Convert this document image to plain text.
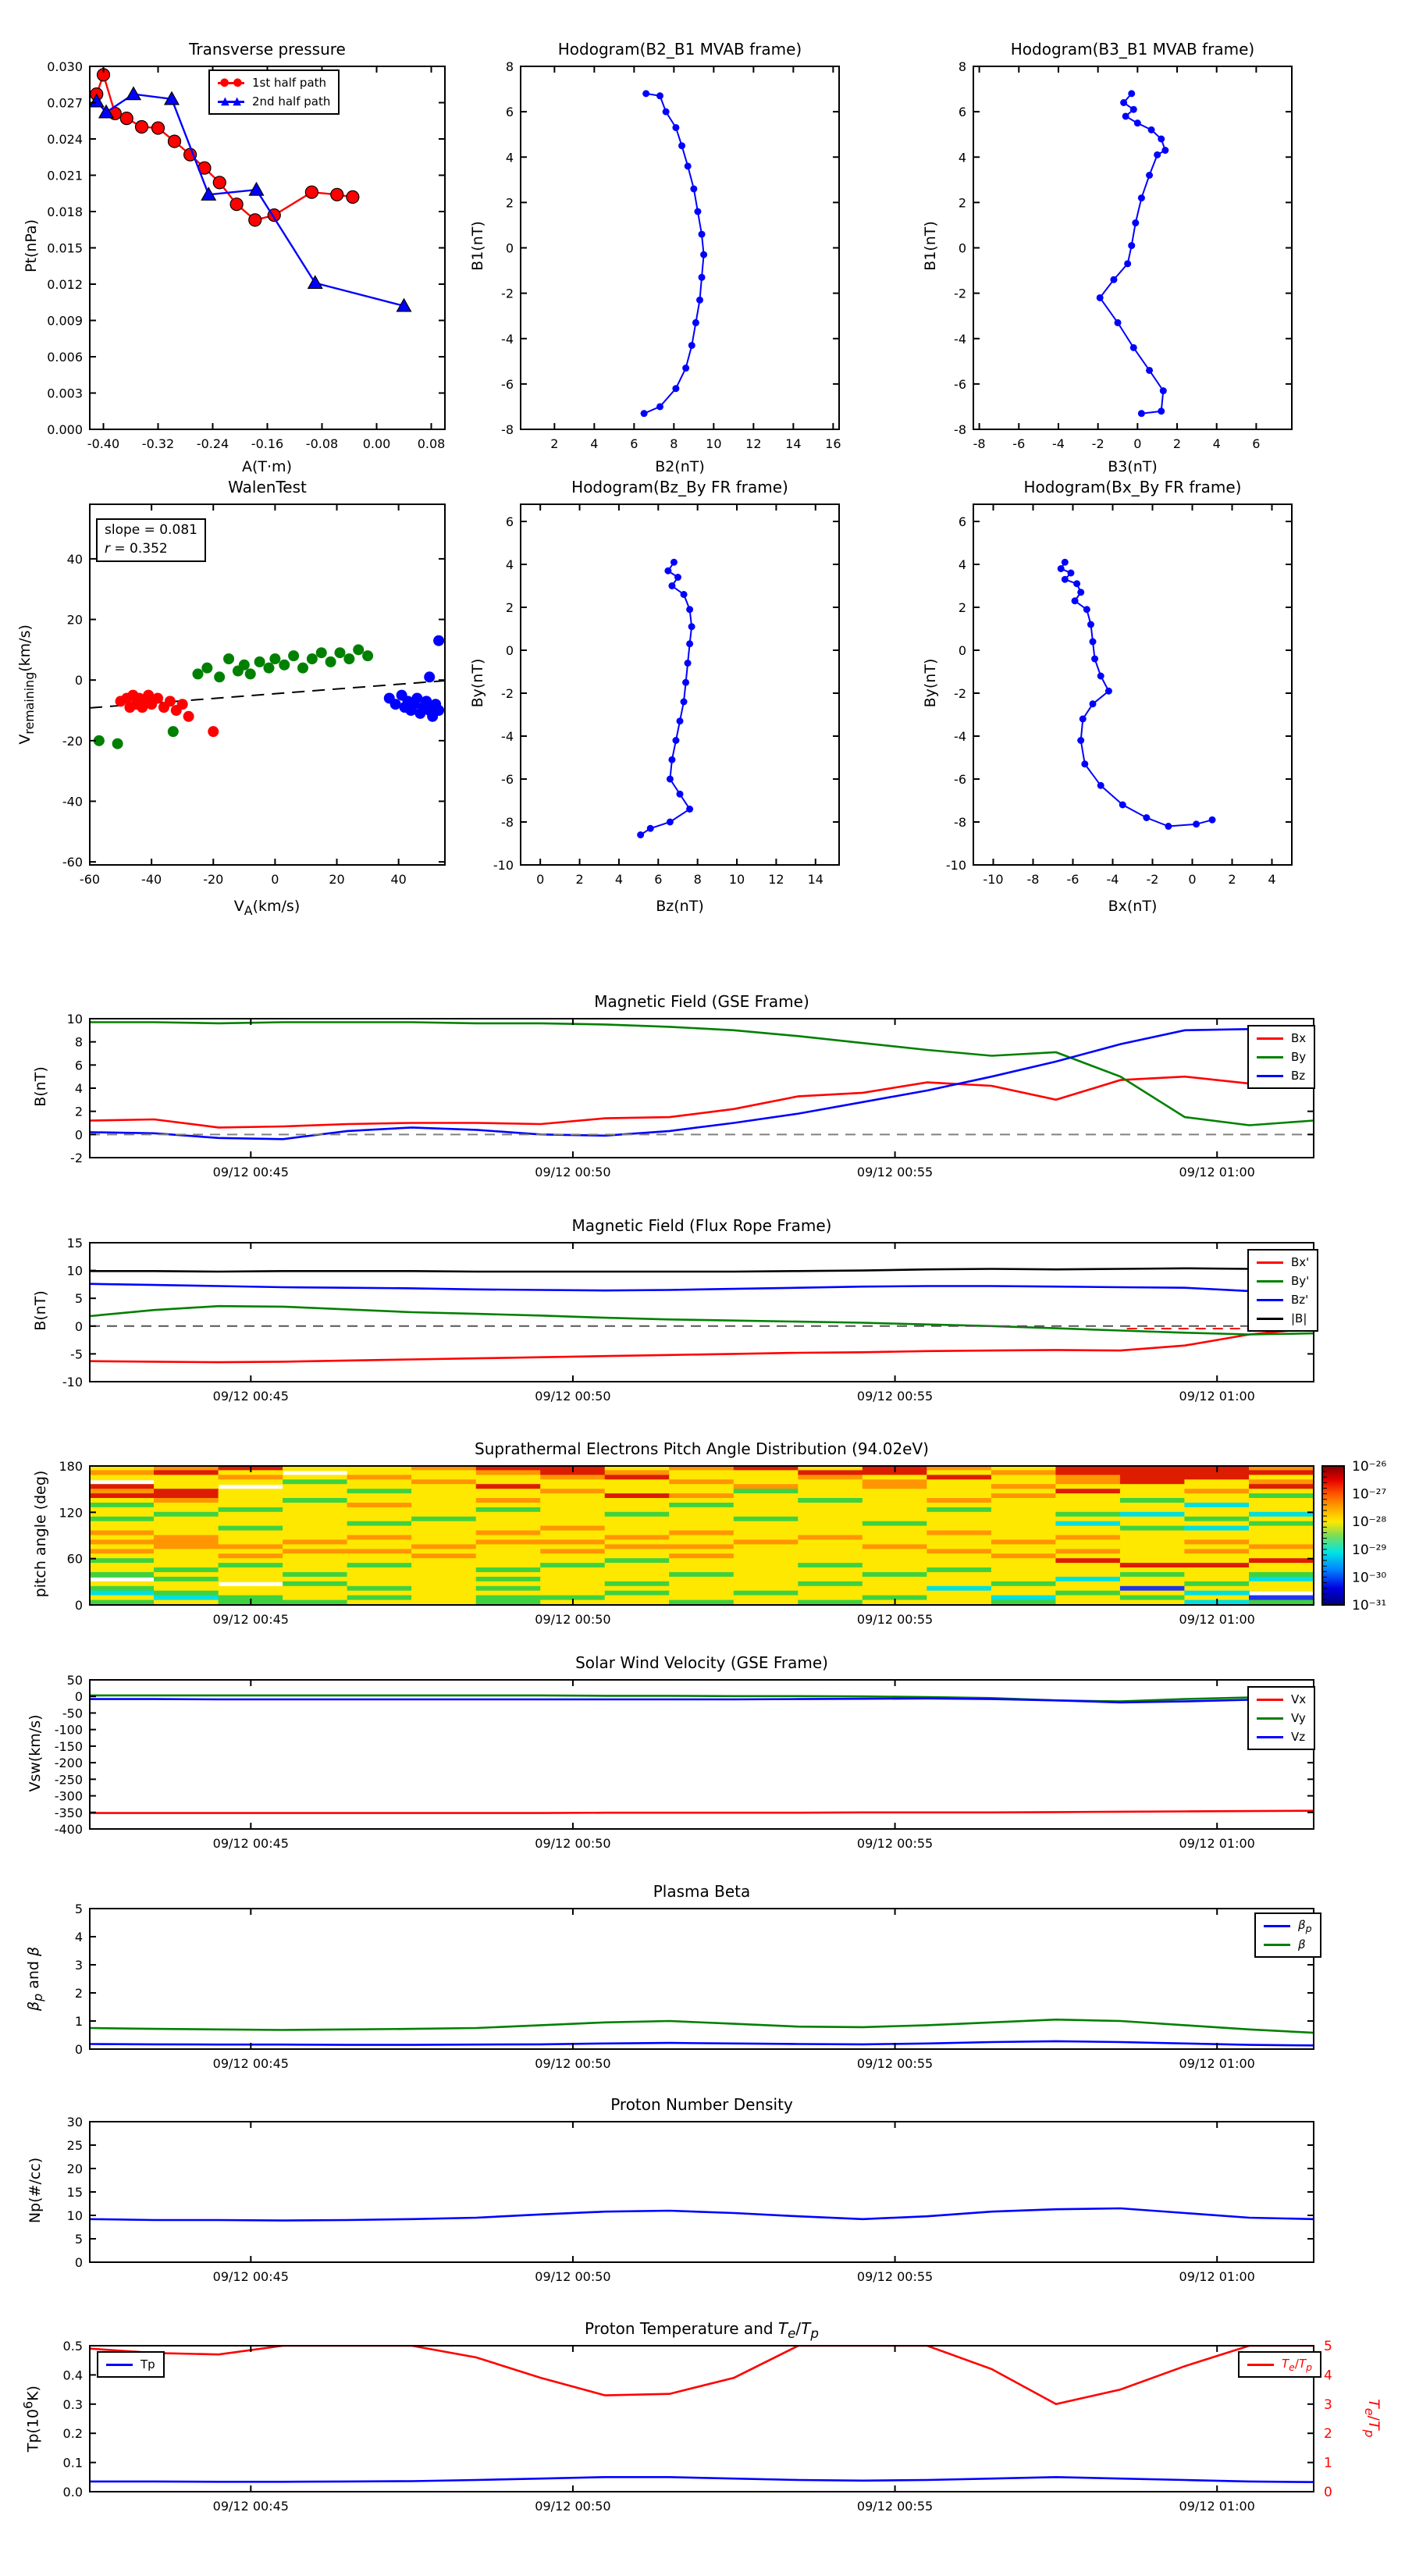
-0.40 -0.32 -0.24 -0.16 -0.08 0.00 0.08
0.000
0.003
0.006
0.009
0.012
0.015
0.018
0.021
0.024
0.027
0.030
2	4	6	8 10 12 14 16
-8
-6
-4
-2
0
2
4
6
8
-8 -6 -4 -2 0	2	4	6
-8
-6
-4
-2
0
2
4
6
8
-60	-40	-20	0	20	40
-60
-40
-20
0
20
40
0	2	4	6	8 10 12 14
-10
-8
-6
-4
-2
0
2
4
6
-10 -8 -6 -4 -2 0	2	4
-10
-8
-6
-4
-2
0
2
4
6
09/12 00:45	09/12 00:50	09/12 00:55	09/12 01:00
-2
0
2
4
6
8
10
09/12 00:45	09/12 00:50	09/12 00:55	09/12 01:00
-10
-5
0
5
10
15
09/12 00:45	09/12 00:50	09/12 00:55	09/12 01:00
0
60
120
180	10⁻²⁶
10⁻²⁷
10⁻²⁸
10⁻²⁹
10⁻³⁰
10⁻³¹
09/12 00:45	09/12 00:50	09/12 00:55	09/12 01:00
-400
-350
-300
-250
-200
-150
-100
-50
0
50
09/12 00:45	09/12 00:50	09/12 00:55	09/12 01:00
0
1
2
3
4
5
09/12 00:45	09/12 00:50	09/12 00:55	09/12 01:00
0
5
10
15
20
25
30
09/12 00:45	09/12 00:50	09/12 00:55	09/12 01:00
0.0
0.1
0.2
0.3
0.4
0.5
0
1
2
3
4
5
Transverse pressure	Hodogram(B2_B1 MVAB frame)	Hodogram(B3_B1 MVAB frame)
WalenTest	Hodogram(Bz_By FR frame)	Hodogram(Bx_By FR frame)
Magnetic Field (GSE Frame)
Magnetic Field (Flux Rope Frame)
Suprathermal Electrons Pitch Angle Distribution (94.02eV)
Solar Wind Velocity (GSE Frame)
Plasma Beta
Proton Number Density
Proton Temperature and $T_e/T_p$
slope = 0.081
r = 0.352
Pt(nPa)
A(T·m)
B1(nT)
B2(nT)
B1(nT)
B3(nT)
$V_{remaining}(km/s)$
$V_A(km/s)$
By(nT)
Bz(nT)
By(nT)
Bx(nT)
B(nT)
B(nT)
pitch angle (deg)
Vsw(km/s)
$\beta_p$ and β
Np(#/cc)
$Tp(10^6K)$
$T_e/T_p$
● ● 1st half path
▲ ▲ 2nd half path
Bx
By
Bz
Bx'
By'
Bz'
|B|
Vx
Vy
Vz
$\beta_p$
β
Tp	$T_e/T_p$
